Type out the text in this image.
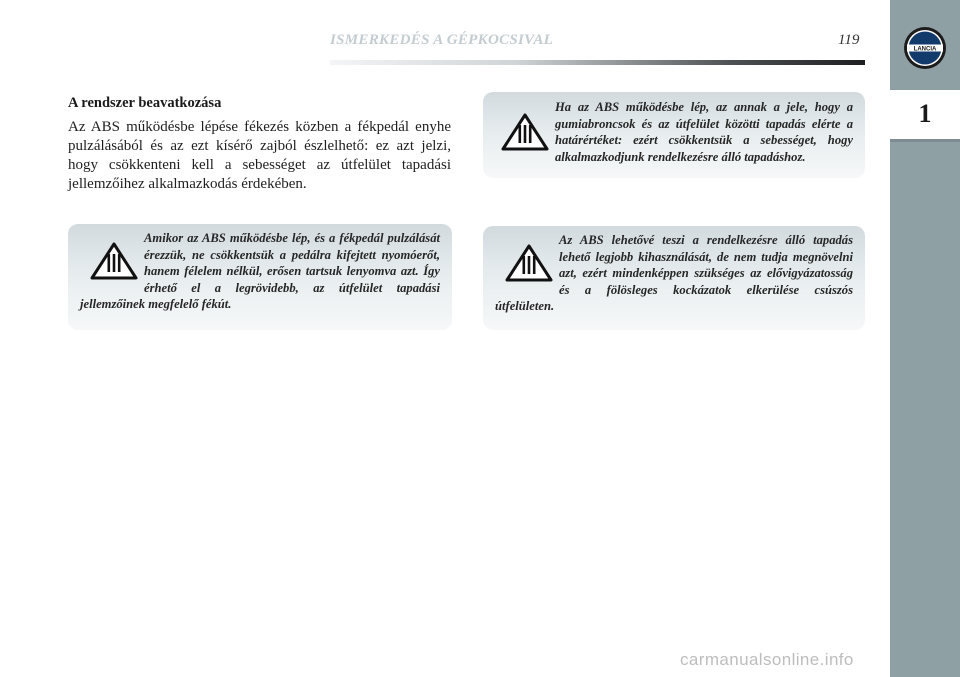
ISMERKEDÉS A GÉPKOCSIVAL	119
LANCIA
1
A rendszer beavatkozása
Az ABS működésbe lépése fékezés közben a fékpedál enyhe pulzálásából és az ezt kísérő zajból észlelhető: ez azt jelzi, hogy csökkenteni kell a sebességet az útfelület tapadási jellemzőihez alkalmazkodás érdekében.
Ha az ABS működésbe lép, az annak a jele, hogy a gumiabroncsok és az útfelület közötti tapadás elérte a határértéket: ezért csökkentsük a sebességet, hogy alkalmazkodjunk rendelkezésre álló tapadáshoz.
Amikor az ABS működésbe lép, és a fékpedál pulzálását érezzük, ne csökkentsük a pedálra kifejtett nyomóerőt, hanem félelem nélkül, erősen tartsuk lenyomva azt. Így érhető el a legrövidebb, az útfelület tapadási jellemzőinek megfelelő fékút.
Az ABS lehetővé teszi a rendelkezésre álló tapadás lehető legjobb kihasználását, de nem tudja megnövelni azt, ezért mindenképpen szükséges az elővigyázatosság és a fölösleges kockázatok elkerülése csúszós útfelületen.
carmanualsonline.info
